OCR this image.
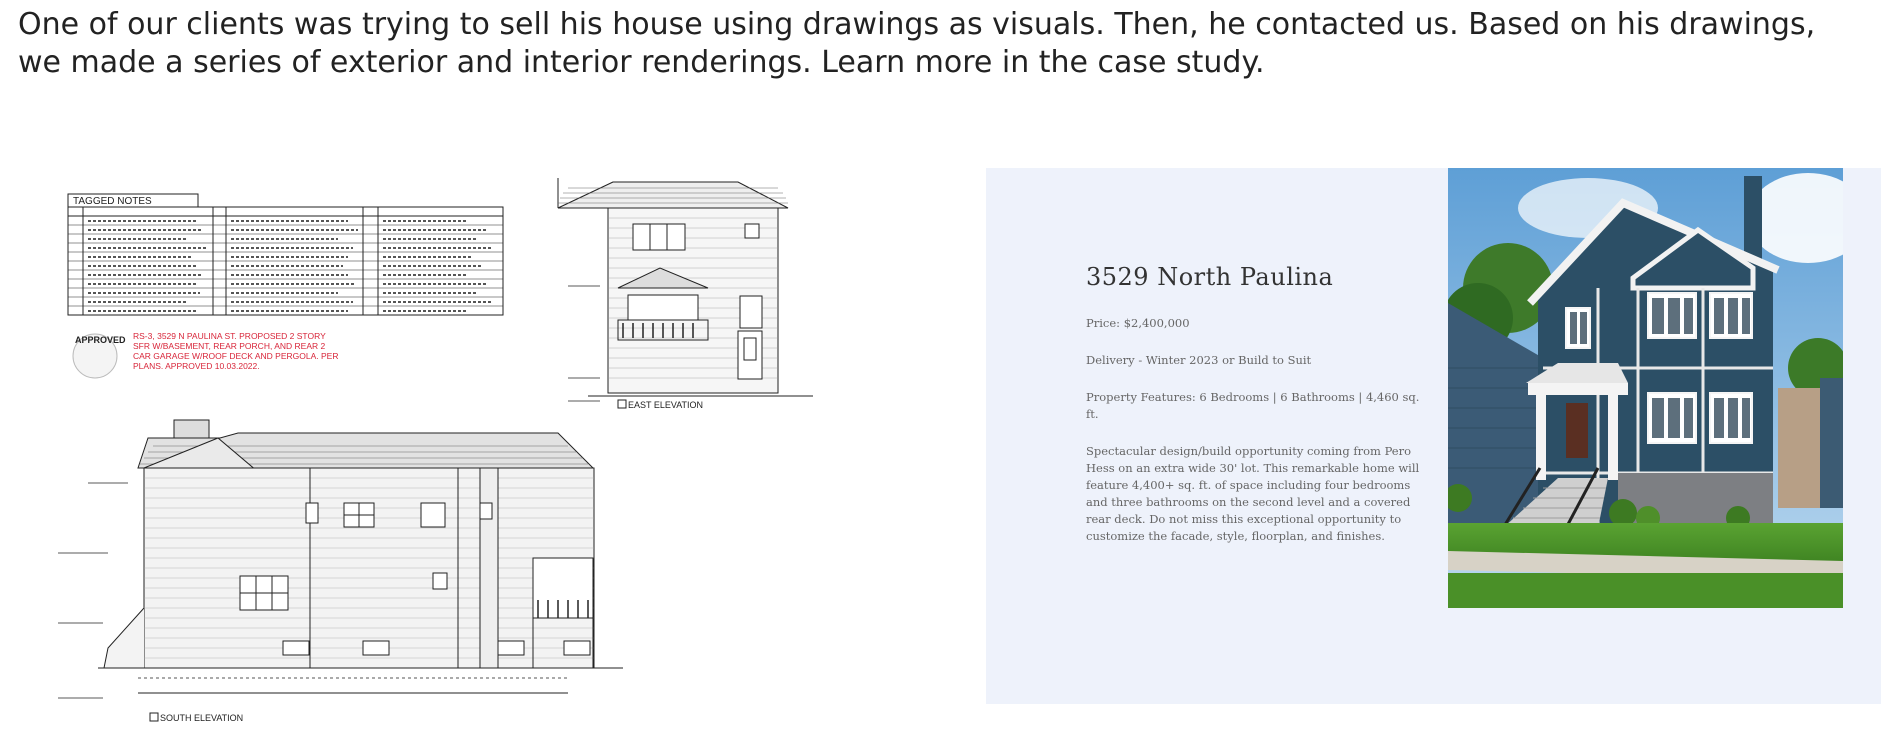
One of our clients was trying to sell his house using drawings as visuals. Then, he contacted us. Based on his drawings, we made a series of exterior and interior renderings. Learn more in the case study.

TAGGED NOTES
APPROVED RS-3, 3529 N PAULINA ST. PROPOSED 2 STORY SFR W/BASEMENT, REAR PORCH, AND REAR 2 CAR GARAGE W/ROOF DECK AND PERGOLA. PER PLANS. APPROVED 10.03.2022.
EAST ELEVATION
SOUTH ELEVATION
3529 North Paulina

Price: $2,400,000

Delivery - Winter 2023 or Build to Suit

Property Features: 6 Bedrooms | 6 Bathrooms | 4,460 sq. ft.

Spectacular design/build opportunity coming from Pero Hess on an extra wide 30' lot. This remarkable home will feature 4,400+ sq. ft. of space including four bedrooms and three bathrooms on the second level and a covered rear deck. Do not miss this exceptional opportunity to customize the facade, style, floorplan, and finishes.
